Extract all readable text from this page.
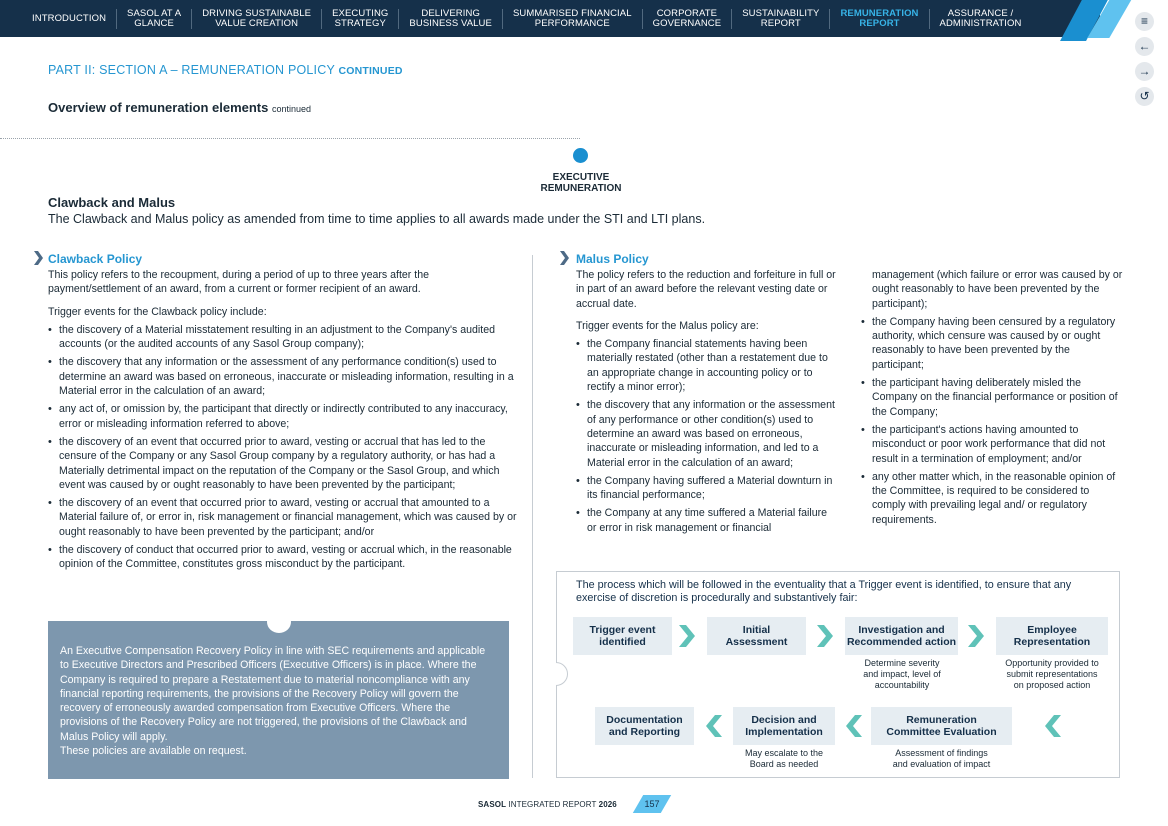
INTRODUCTION	SASOL AT A
GLANCE
DRIVING SUSTAINABLE
VALUE CREATION
EXECUTING
STRATEGY
DELIVERING
BUSINESS VALUE
SUMMARISED FINANCIAL
PERFORMANCE
CORPORATE
GOVERNANCE
SUSTAINABILITY
REPORT
REMUNERATION
REPORT
ASSURANCE /
ADMINISTRATION	≡
←
→
↺
PART II: SECTION A – REMUNERATION POLICY CONTINUED
Overview of remuneration elements continued
EXECUTIVE
REMUNERATION
Clawback and Malus
The Clawback and Malus policy as amended from time to time applies to all awards made under the STI and LTI plans.
Clawback Policy

This policy refers to the recoupment, during a period of up to three years after the payment/settlement of an award, from a current or former recipient of an award.

Trigger events for the Clawback policy include:

• the discovery of a Material misstatement resulting in an adjustment to the Company's audited accounts (or the audited accounts of any Sasol Group company);
• the discovery that any information or the assessment of any performance condition(s) used to determine an award was based on erroneous, inaccurate or misleading information, resulting in a Material error in the calculation of an award;
• any act of, or omission by, the participant that directly or indirectly contributed to any inaccuracy, error or misleading information referred to above;
• the discovery of an event that occurred prior to award, vesting or accrual that has led to the censure of the Company or any Sasol Group company by a regulatory authority, or has had a Materially detrimental impact on the reputation of the Company or the Sasol Group, and which event was caused by or ought reasonably to have been prevented by the participant;
• the discovery of an event that occurred prior to award, vesting or accrual that amounted to a Material failure of, or error in, risk management or financial management, which was caused by or ought reasonably to have been prevented by the participant; and/or
• the discovery of conduct that occurred prior to award, vesting or accrual which, in the reasonable opinion of the Committee, constitutes gross misconduct by the participant.
An Executive Compensation Recovery Policy in line with SEC requirements and applicable to Executive Directors and Prescribed Officers (Executive Officers) is in place. Where the Company is required to prepare a Restatement due to material noncompliance with any financial reporting requirements, the provisions of the Recovery Policy will govern the recovery of erroneously awarded compensation from Executive Officers. Where the provisions of the Recovery Policy are not triggered, the provisions of the Clawback and Malus Policy will apply.
These policies are available on request.
Malus Policy

The policy refers to the reduction and forfeiture in full or in part of an award before the relevant vesting date or accrual date.

Trigger events for the Malus policy are:

• the Company financial statements having been materially restated (other than a restatement due to an appropriate change in accounting policy or to rectify a minor error);
• the discovery that any information or the assessment of any performance or other condition(s) used to determine an award was based on erroneous, inaccurate or misleading information, and led to a Material error in the calculation of an award;
• the Company having suffered a Material downturn in its financial performance;
• the Company at any time suffered a Material failure or error in risk management or financial

management (which failure or error was caused by or ought reasonably to have been prevented by the participant);

• the Company having been censured by a regulatory authority, which censure was caused by or ought reasonably to have been prevented by the participant;
• the participant having deliberately misled the Company on the financial performance or position of the Company;
• the participant's actions having amounted to misconduct or poor work performance that did not result in a termination of employment; and/or
• any other matter which, in the reasonable opinion of the Committee, is required to be considered to comply with prevailing legal and/ or regulatory requirements.
The process which will be followed in the eventuality that a Trigger event is identified, to ensure that any exercise of discretion is procedurally and substantively fair:
Trigger event
identified
Initial
Assessment
Investigation and
Recommended action
Employee
Representation
Determine severity
and impact, level of
accountability
Opportunity provided to
submit representations
on proposed action
Documentation
and Reporting
Decision and
Implementation
Remuneration
Committee Evaluation
May escalate to the
Board as needed
Assessment of findings
and evaluation of impact
SASOL INTEGRATED REPORT 2026	157
